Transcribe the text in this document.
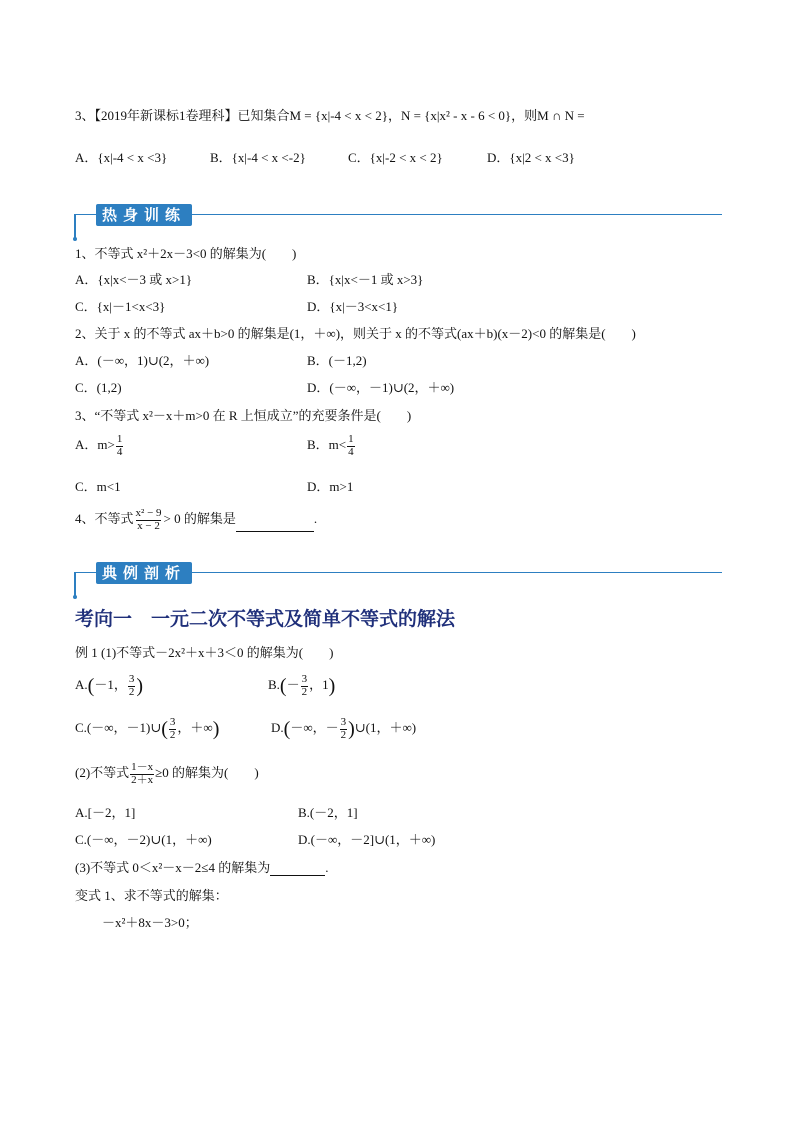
3、【2019年新课标1卷理科】已知集合M = {x|-4 < x < 2}，N = {x|x² - x - 6 < 0}，则M ∩ N =
A．{x|-4 < x <3}	B．{x|-4 < x <-2}	C．{x|-2 < x < 2}	D．{x|2 < x <3}
热身训练
1、不等式 x²＋2x－3<0 的解集为(　　)
A．{x|x<－3 或 x>1}	B．{x|x<－1 或 x>3}
C．{x|－1<x<3}	D．{x|－3<x<1}
2、关于 x 的不等式 ax＋b>0 的解集是(1，＋∞)，则关于 x 的不等式(ax＋b)(x－2)<0 的解集是(　　)
A．(－∞，1)∪(2，＋∞)	B．(－1,2)
C．(1,2)	D．(－∞，－1)∪(2，＋∞)
3、“不等式 x²－x＋m>0 在 R 上恒成立”的充要条件是(　　)
A．$m> \frac{1}{4}$	B．$m< \frac{1}{4}$
C．m<1	D．m>1
4、不等式 $\frac{\text{x² − 9}}{x - 2} > 0$ 的解集是	.
典例剖析
考向一　一元二次不等式及简单不等式的解法
例 1 (1)不等式－2x²＋x＋3＜0 的解集为(　　)
A.(－1， $\frac{3}{2}$ )	$B.(- \frac{3}{2}$ ，1)
C.(－∞，－1)∪( $\frac{3}{2}$ ，＋∞)	D.(－∞，－ $\frac{3}{2}$ )∪(1，＋∞)
(2)不等式 $\frac{1-x}{2+x} \ge 0$ 的解集为(　　)
A.[－2，1]	B.(－2，1]
C.(－∞，－2)∪(1，＋∞)	D.(－∞，－2]∪(1，＋∞)
(3)不等式 0＜x²－x－2≤4 的解集为	.
变式 1、求不等式的解集：
－x²＋8x－3>0；
